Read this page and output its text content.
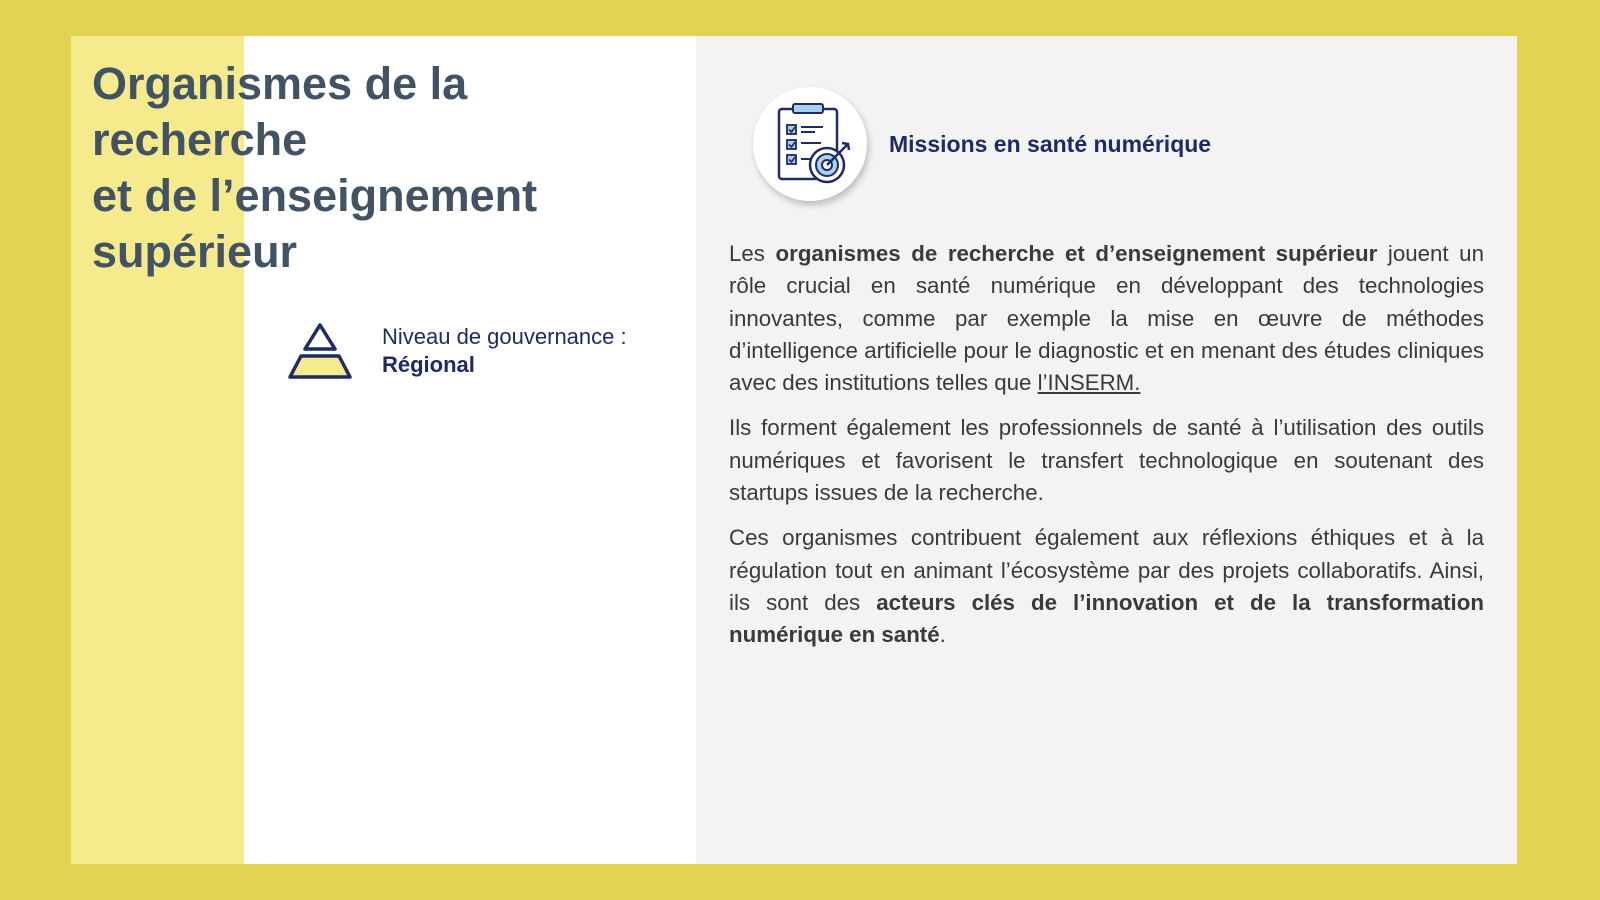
Organismes de la
recherche
et de l’enseignement
supérieur
Niveau de gouvernance :
Régional
Missions en santé numérique

Les organismes de recherche et d’enseignement supérieur jouent un rôle crucial en santé numérique en développant des technologies innovantes, comme par exemple la mise en œuvre de méthodes d’intelligence artificielle pour le diagnostic et en menant des études cliniques avec des institutions telles que l’INSERM.

Ils forment également les professionnels de santé à l’utilisation des outils numériques et favorisent le transfert technologique en soutenant des startups issues de la recherche.

Ces organismes contribuent également aux réflexions éthiques et à la régulation tout en animant l’écosystème par des projets collaboratifs. Ainsi, ils sont des acteurs clés de l’innovation et de la transformation numérique en santé.
